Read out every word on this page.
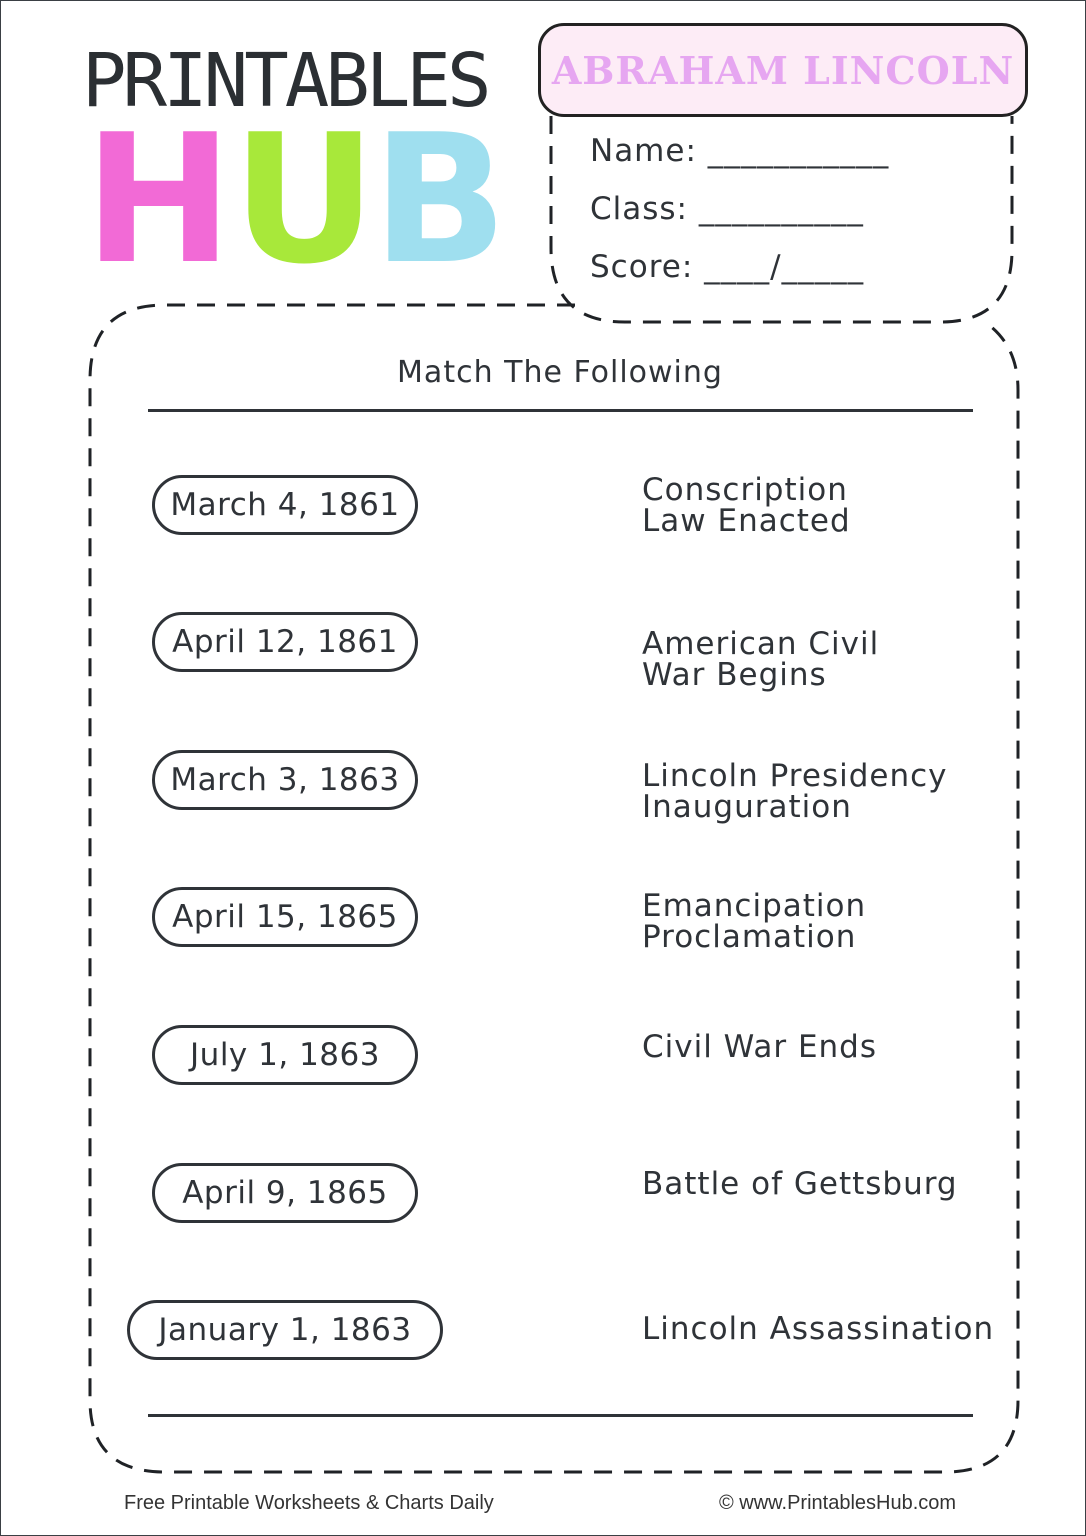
PRINTABLES
H U B
ABRAHAM LINCOLN
Name: ___________
Class: __________
Score: ____/_____
Match The Following
March 4, 1861
April 12, 1861
March 3, 1863
April 15, 1865
July 1, 1863
April 9, 1865
January 1, 1863
Conscription
Law Enacted
American Civil
War Begins
Lincoln Presidency
Inauguration
Emancipation
Proclamation
Civil War Ends
Battle of Gettsburg
Lincoln Assassination
Free Printable Worksheets & Charts Daily	© www.PrintablesHub.com
